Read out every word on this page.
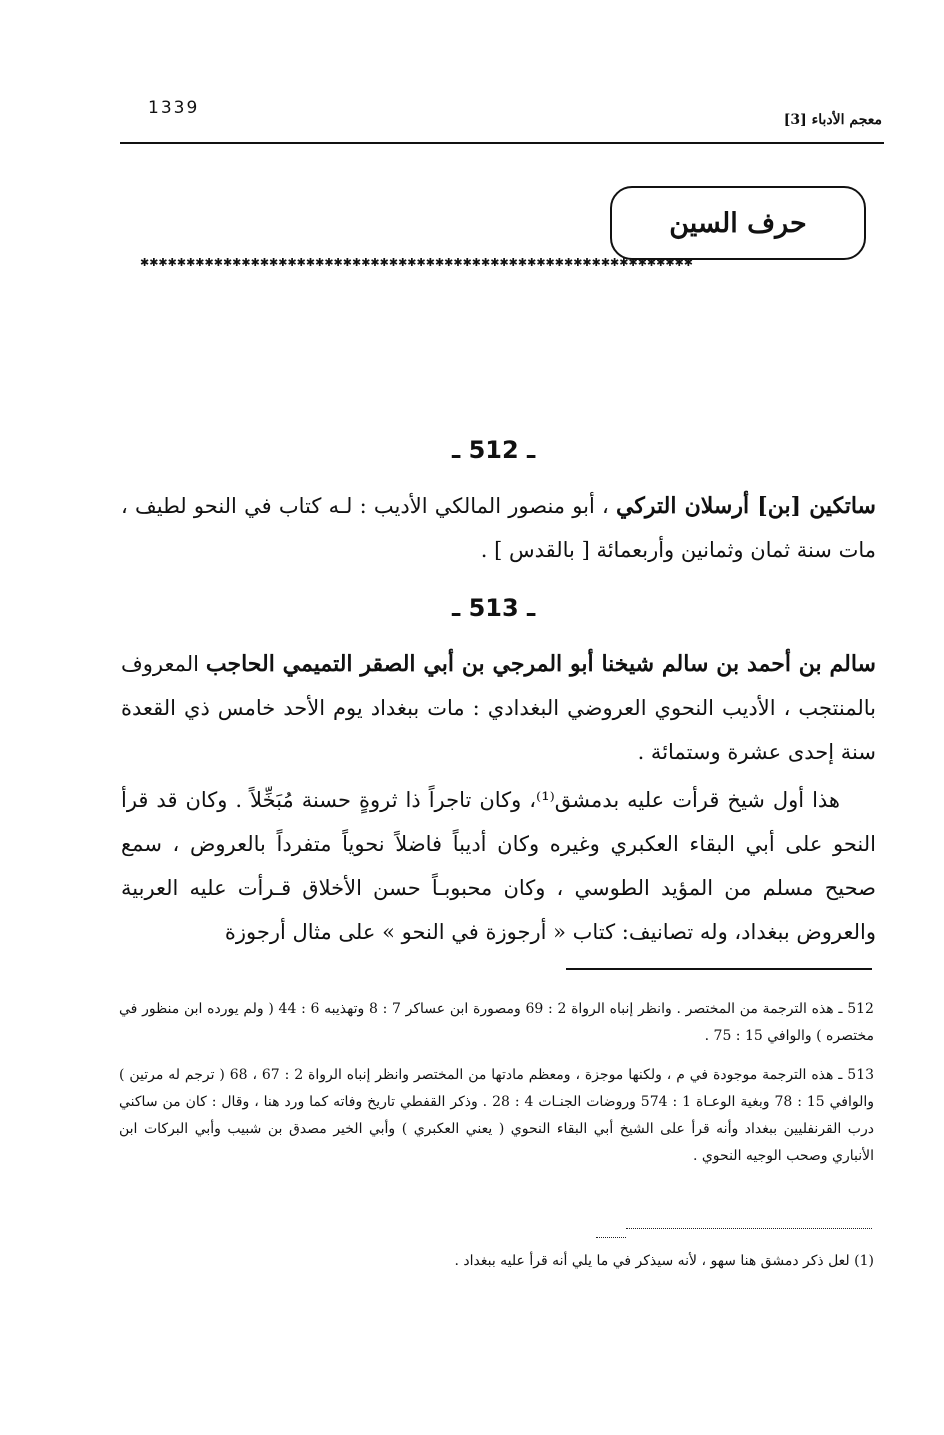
1339
معجم الأدباء [3]
حرف السين
✱✱✱✱✱✱✱✱✱✱✱✱✱✱✱✱✱✱✱✱✱✱✱✱✱✱✱✱✱✱✱✱✱✱✱✱✱✱✱✱✱✱✱✱✱✱✱✱✱✱✱✱✱✱✱✱✱✱✱✱
ـ 512 ـ
ساتكين [بن] أرسلان التركي ، أبو منصور المالكي الأديب : لـه كتاب في النحو لطيف ، مات سنة ثمان وثمانين وأربعمائة [ بالقدس ] .
ـ 513 ـ
سالم بن أحمد بن سالم شيخنا أبو المرجي بن أبي الصقر التميمي الحاجب المعروف بالمنتجب ، الأديب النحوي العروضي البغدادي : مات ببغداد يوم الأحد خامس ذي القعدة سنة إحدى عشرة وستمائة .
هذا أول شيخ قرأت عليه بدمشق⁽¹⁾، وكان تاجراً ذا ثروةٍ حسنة مُبَخِّلاً . وكان قد قرأ النحو على أبي البقاء العكبري وغيره وكان أديباً فاضلاً نحوياً متفرداً بالعروض ، سمع صحيح مسلم من المؤيد الطوسي ، وكان محبوبـاً حسن الأخلاق قـرأت عليه العربية والعروض ببغداد، وله تصانيف: كتاب « أرجوزة في النحو » على مثال أرجوزة
512 ـ هذه الترجمة من المختصر . وانظر إنباه الرواة 2 : 69 ومصورة ابن عساكر 7 : 8 وتهذيبه 6 : 44 ( ولم يورده ابن منظور في مختصره ) والوافي 15 : 75 .
513 ـ هذه الترجمة موجودة في م ، ولكنها موجزة ، ومعظم مادتها من المختصر وانظر إنباه الرواة 2 : 67 ، 68 ( ترجم له مرتين ) والوافي 15 : 78 وبغية الوعـاة 1 : 574 وروضات الجنـات 4 : 28 . وذكر القفطي تاريخ وفاته كما ورد هنا ، وقال : كان من ساكني درب القرنفليين ببغداد وأنه قرأ على الشيخ أبي البقاء النحوي ( يعني العكبري ) وأبي الخير مصدق بن شبيب وأبي البركات ابن الأنباري وصحب الوجيه النحوي .
(1) لعل ذكر دمشق هنا سهو ، لأنه سيذكر في ما يلي أنه قرأ عليه ببغداد .
